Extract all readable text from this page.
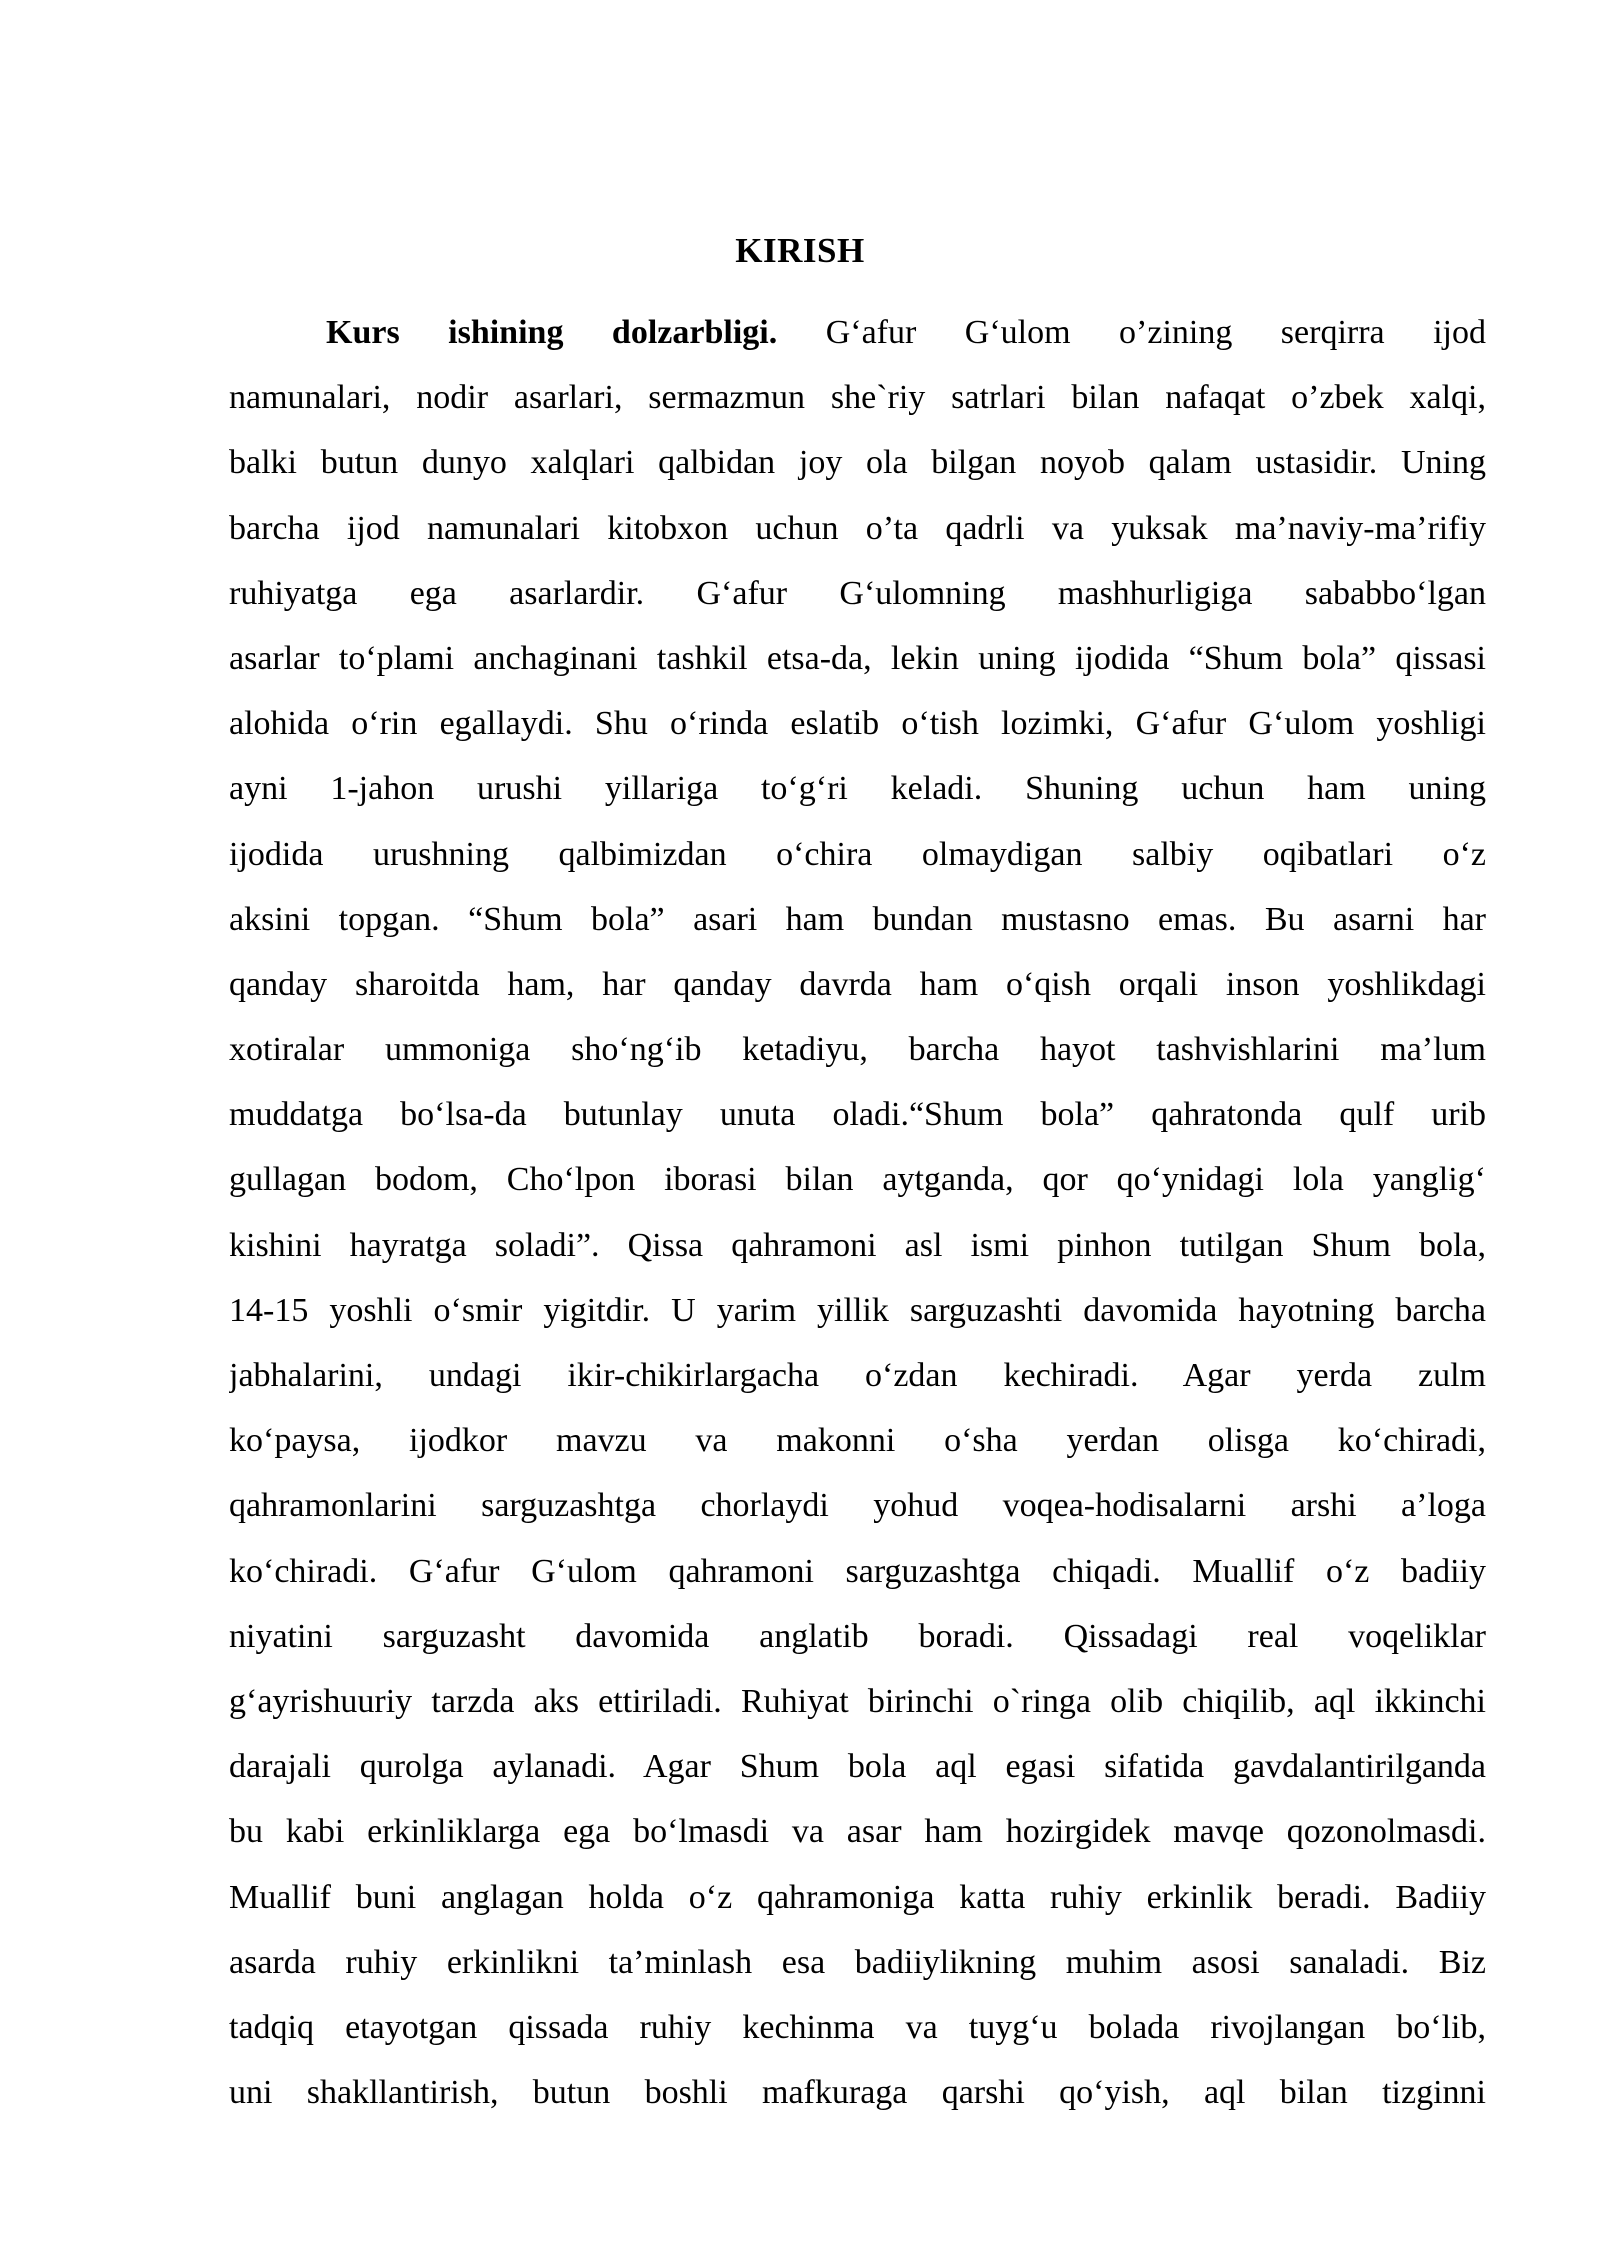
KIRISH
Kurs ishining dolzarbligi. G‘afur G‘ulom o’zining serqirra ijod
namunalari, nodir asarlari, sermazmun she`riy satrlari bilan nafaqat o’zbek xalqi,
balki butun dunyo xalqlari qalbidan joy ola bilgan noyob qalam ustasidir. Uning
barcha ijod namunalari kitobxon uchun o’ta qadrli va yuksak ma’naviy-ma’rifiy
ruhiyatga ega asarlardir. G‘afur G‘ulomning mashhurligiga sababbo‘lgan
asarlar to‘plami anchaginani tashkil etsa-da, lekin uning ijodida “Shum bola” qissasi
alohida o‘rin egallaydi. Shu o‘rinda eslatib o‘tish lozimki, G‘afur G‘ulom yoshligi
ayni 1-jahon urushi yillariga to‘g‘ri keladi. Shuning uchun ham uning
ijodida urushning qalbimizdan o‘chira olmaydigan salbiy oqibatlari o‘z
aksini topgan. “Shum bola” asari ham bundan mustasno emas. Bu asarni har
qanday sharoitda ham, har qanday davrda ham o‘qish orqali inson yoshlikdagi
xotiralar ummoniga sho‘ng‘ib ketadiyu, barcha hayot tashvishlarini ma’lum
muddatga bo‘lsa-da butunlay unuta oladi.“Shum bola” qahratonda qulf urib
gullagan bodom, Cho‘lpon iborasi bilan aytganda, qor qo‘ynidagi lola yanglig‘
kishini hayratga soladi”. Qissa qahramoni asl ismi pinhon tutilgan Shum bola,
14-15 yoshli o‘smir yigitdir. U yarim yillik sarguzashti davomida hayotning barcha
jabhalarini, undagi ikir-chikirlargacha o‘zdan kechiradi. Agar yerda zulm
ko‘paysa, ijodkor mavzu va makonni o‘sha yerdan olisga ko‘chiradi,
qahramonlarini sarguzashtga chorlaydi yohud voqea-hodisalarni arshi a’loga
ko‘chiradi. G‘afur G‘ulom qahramoni sarguzashtga chiqadi. Muallif o‘z badiiy
niyatini sarguzasht davomida anglatib boradi. Qissadagi real voqeliklar
g‘ayrishuuriy tarzda aks ettiriladi. Ruhiyat birinchi o`ringa olib chiqilib, aql ikkinchi
darajali qurolga aylanadi. Agar Shum bola aql egasi sifatida gavdalantirilganda
bu kabi erkinliklarga ega bo‘lmasdi va asar ham hozirgidek mavqe qozonolmasdi.
Muallif buni anglagan holda o‘z qahramoniga katta ruhiy erkinlik beradi. Badiiy
asarda ruhiy erkinlikni ta’minlash esa badiiylikning muhim asosi sanaladi. Biz
tadqiq etayotgan qissada ruhiy kechinma va tuyg‘u bolada rivojlangan bo‘lib,
uni shakllantirish, butun boshli mafkuraga qarshi qo‘yish, aql bilan tizginni
